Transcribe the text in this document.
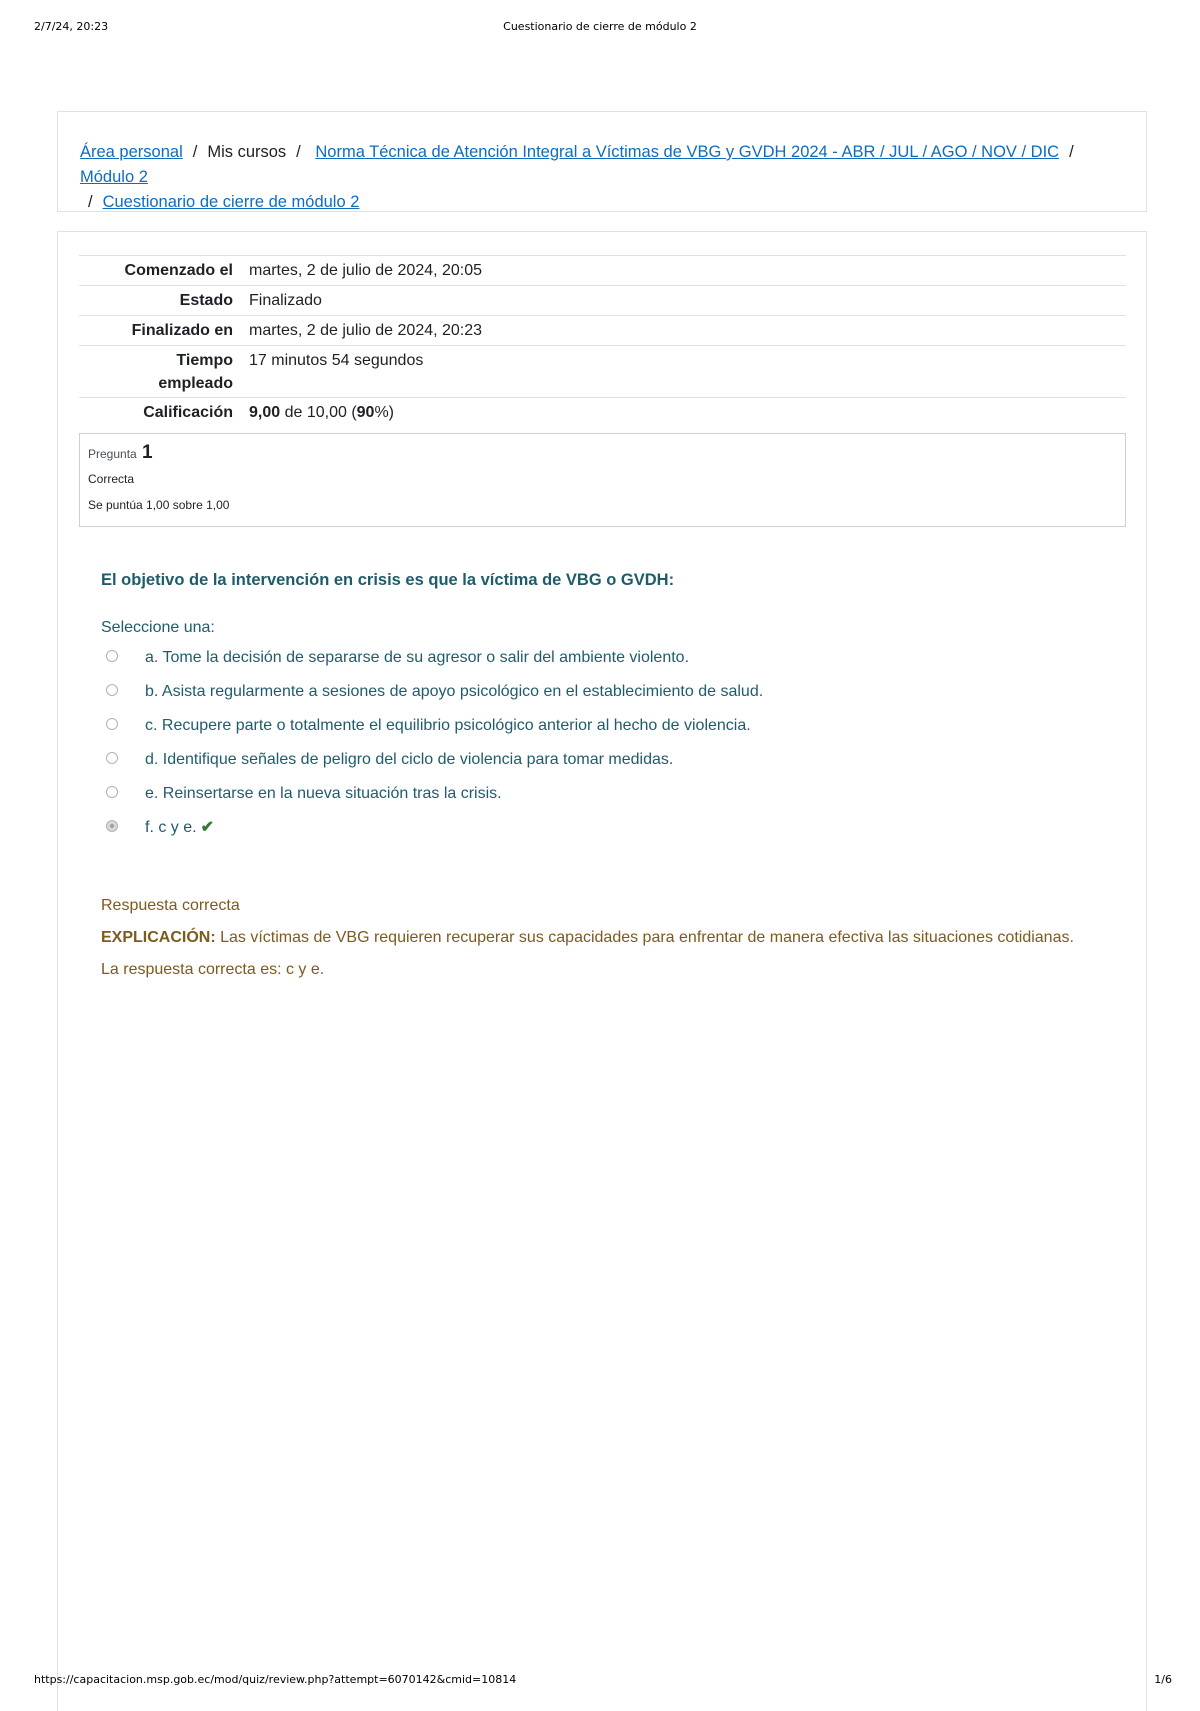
2/7/24, 20:23	Cuestionario de cierre de módulo 2
Área personal / Mis cursos / Norma Técnica de Atención Integral a Víctimas de VBG y GVDH 2024 - ABR / JUL / AGO / NOV / DIC / Módulo 2
/ Cuestionario de cierre de módulo 2
Comenzado el	martes, 2 de julio de 2024, 20:05
Estado	Finalizado
Finalizado en	martes, 2 de julio de 2024, 20:23
Tiempo
empleado	17 minutos 54 segundos
Calificación	9,00 de 10,00 (90%)
Pregunta 1
Correcta
Se puntúa 1,00 sobre 1,00
El objetivo de la intervención en crisis es que la víctima de VBG o GVDH:
Seleccione una:
a. Tome la decisión de separarse de su agresor o salir del ambiente violento.
b. Asista regularmente a sesiones de apoyo psicológico en el establecimiento de salud.
c. Recupere parte o totalmente el equilibrio psicológico anterior al hecho de violencia.
d. Identifique señales de peligro del ciclo de violencia para tomar medidas.
e. Reinsertarse en la nueva situación tras la crisis.
f. c y e. ✔
Respuesta correcta
EXPLICACIÓN: Las víctimas de VBG requieren recuperar sus capacidades para enfrentar de manera efectiva las situaciones cotidianas.
La respuesta correcta es: c y e.
https://capacitacion.msp.gob.ec/mod/quiz/review.php?attempt=6070142&cmid=10814	1/6
